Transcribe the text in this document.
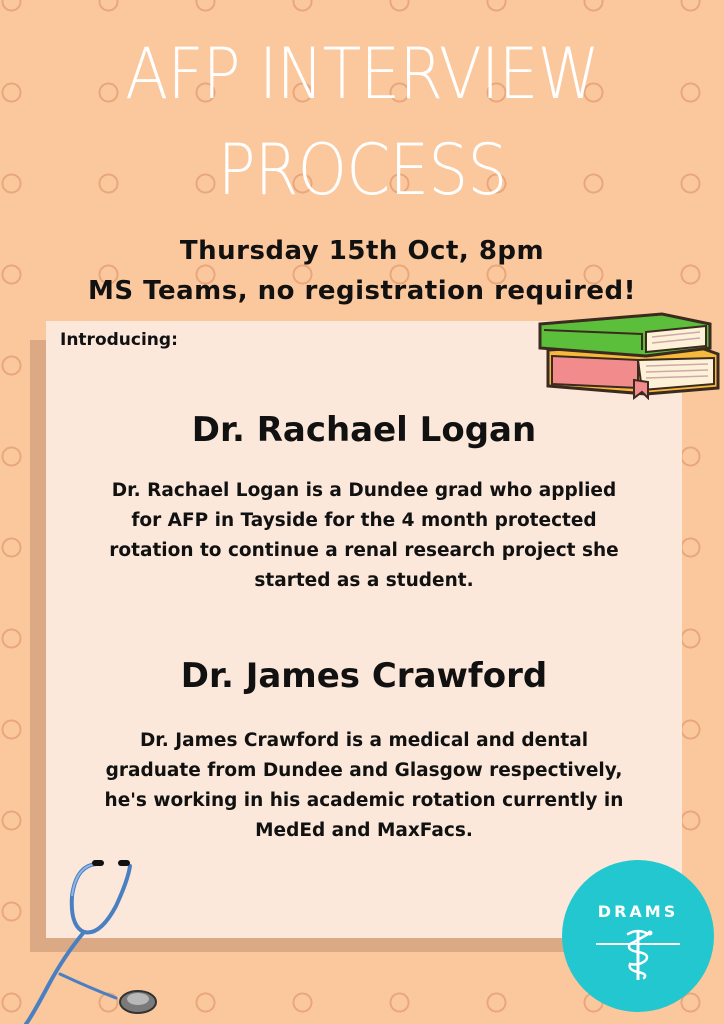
AFP INTERVIEW
PROCESS
Thursday 15th Oct, 8pm
MS Teams, no registration required!
Introducing:
Dr. Rachael Logan
Dr. Rachael Logan is a Dundee grad who applied
for AFP in Tayside for the 4 month protected
rotation to continue a renal research project she
started as a student.
Dr. James Crawford
Dr. James Crawford is a medical and dental
graduate from Dundee and Glasgow respectively,
he's working in his academic rotation currently in
MedEd and MaxFacs.
DRAMS
